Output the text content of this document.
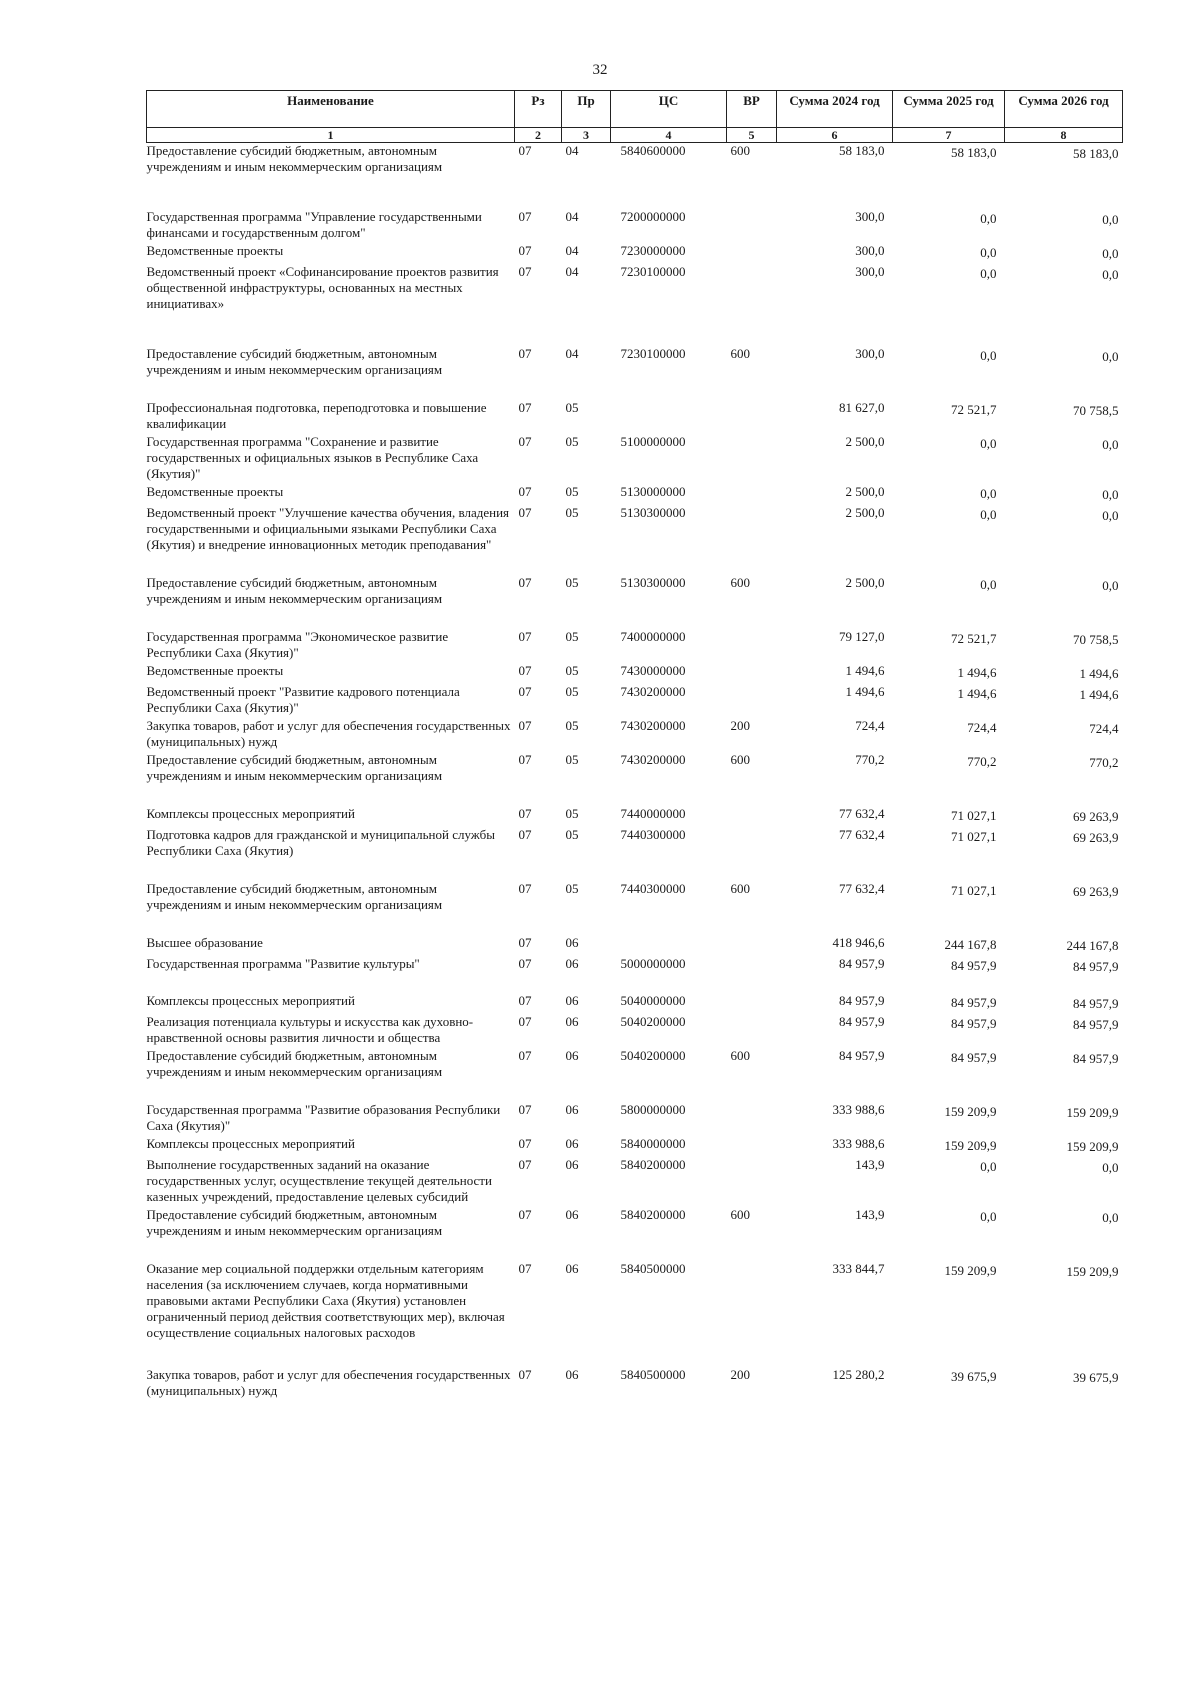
32
Наименование	Рз	Пр	ЦС	ВР	Сумма 2024 год	Сумма 2025 год	Сумма 2026 год
1	2	3	4	5	6	7	8
Предоставление субсидий бюджетным, автономным учреждениям и иным некоммерческим организациям	07	04	5840600000	600	58 183,0	58 183,0	58 183,0
Государственная программа "Управление государственными финансами и государственным долгом"	07	04	7200000000		300,0	0,0	0,0
Ведомственные проекты	07	04	7230000000		300,0	0,0	0,0
Ведомственный проект «Софинансирование проектов развития общественной инфраструктуры, основанных на местных инициативах»	07	04	7230100000		300,0	0,0	0,0
Предоставление субсидий бюджетным, автономным учреждениям и иным некоммерческим организациям	07	04	7230100000	600	300,0	0,0	0,0
Профессиональная подготовка, переподготовка и повышение квалификации	07	05			81 627,0	72 521,7	70 758,5
Государственная программа "Сохранение и развитие государственных и официальных языков в Республике Саха (Якутия)"	07	05	5100000000		2 500,0	0,0	0,0
Ведомственные проекты	07	05	5130000000		2 500,0	0,0	0,0
Ведомственный проект "Улучшение качества обучения, владения государственными и официальными языками Республики Саха (Якутия) и внедрение инновационных методик преподавания"	07	05	5130300000		2 500,0	0,0	0,0
Предоставление субсидий бюджетным, автономным учреждениям и иным некоммерческим организациям	07	05	5130300000	600	2 500,0	0,0	0,0
Государственная программа "Экономическое развитие Республики Саха (Якутия)"	07	05	7400000000		79 127,0	72 521,7	70 758,5
Ведомственные проекты	07	05	7430000000		1 494,6	1 494,6	1 494,6
Ведомственный проект "Развитие кадрового потенциала Республики Саха (Якутия)"	07	05	7430200000		1 494,6	1 494,6	1 494,6
Закупка товаров, работ и услуг для обеспечения государственных (муниципальных) нужд	07	05	7430200000	200	724,4	724,4	724,4
Предоставление субсидий бюджетным, автономным учреждениям и иным некоммерческим организациям	07	05	7430200000	600	770,2	770,2	770,2
Комплексы процессных мероприятий	07	05	7440000000		77 632,4	71 027,1	69 263,9
Подготовка кадров для гражданской и муниципальной службы Республики Саха (Якутия)	07	05	7440300000		77 632,4	71 027,1	69 263,9
Предоставление субсидий бюджетным, автономным учреждениям и иным некоммерческим организациям	07	05	7440300000	600	77 632,4	71 027,1	69 263,9
Высшее образование	07	06			418 946,6	244 167,8	244 167,8
Государственная программа "Развитие культуры"	07	06	5000000000		84 957,9	84 957,9	84 957,9
Комплексы процессных мероприятий	07	06	5040000000		84 957,9	84 957,9	84 957,9
Реализация потенциала культуры и искусства как духовно-нравственной основы развития личности и общества	07	06	5040200000		84 957,9	84 957,9	84 957,9
Предоставление субсидий бюджетным, автономным учреждениям и иным некоммерческим организациям	07	06	5040200000	600	84 957,9	84 957,9	84 957,9
Государственная программа "Развитие образования Республики Саха (Якутия)"	07	06	5800000000		333 988,6	159 209,9	159 209,9
Комплексы процессных мероприятий	07	06	5840000000		333 988,6	159 209,9	159 209,9
Выполнение государственных заданий на оказание государственных услуг, осуществление текущей деятельности казенных учреждений, предоставление целевых субсидий	07	06	5840200000		143,9	0,0	0,0
Предоставление субсидий бюджетным, автономным учреждениям и иным некоммерческим организациям	07	06	5840200000	600	143,9	0,0	0,0
Оказание мер социальной поддержки отдельным категориям населения (за исключением случаев, когда нормативными правовыми актами Республики Саха (Якутия) установлен ограниченный период действия соответствующих мер), включая осуществление социальных налоговых расходов	07	06	5840500000		333 844,7	159 209,9	159 209,9
Закупка товаров, работ и услуг для обеспечения государственных (муниципальных) нужд	07	06	5840500000	200	125 280,2	39 675,9	39 675,9
